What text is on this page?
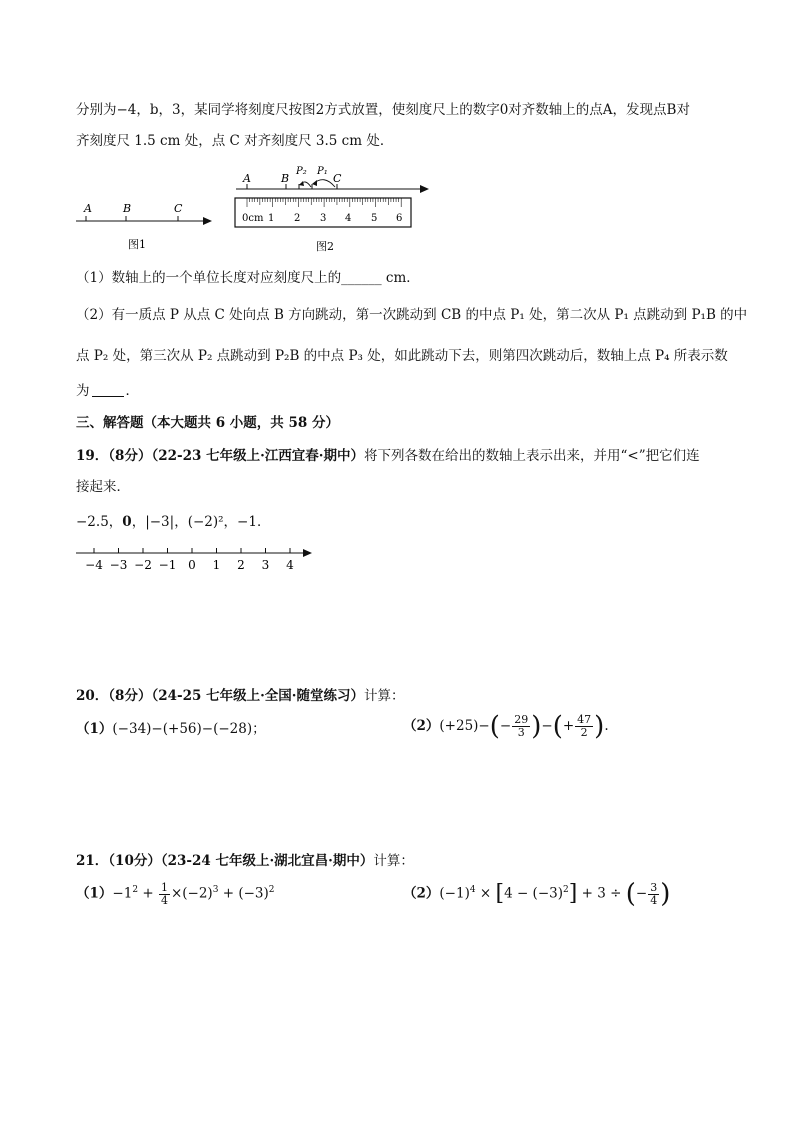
分别为−4，b，3，某同学将刻度尺按图2方式放置，使刻度尺上的数字0对齐数轴上的点A，发现点B对
齐刻度尺 1.5 cm 处，点 C 对齐刻度尺 3.5 cm 处．
A	B	C
图1
A	B
P₂ P₁
C
0cm 1 2 3 4 5 6
图2
（1）数轴上的一个单位长度对应刻度尺上的______ cm．
（2）有一质点 P 从点 C 处向点 B 方向跳动，第一次跳动到 CB 的中点 P₁ 处，第二次从 P₁ 点跳动到 P₁B 的中
点 P₂ 处，第三次从 P₂ 点跳动到 P₂B 的中点 P₃ 处，如此跳动下去，则第四次跳动后，数轴上点 P₄ 所表示数
为	．
三、解答题（本大题共 6 小题，共 58 分）
19．（8分）（22-23 七年级上·江西宜春·期中）将下列各数在给出的数轴上表示出来，并用“<”把它们连
接起来．
−2.5，0，|−3|，(−2)²，−1．
−4 −3 −2 −1 0 1 2 3 4
20．（8分）（24-25 七年级上·全国·随堂练习）计算：
（1）(−34)−(+56)−(−28)；	$(2)(+25)-(- \frac{29}{3}$ )−(+ $\frac{47}{2}$ ).
21．（10分）（23-24 七年级上·湖北宜昌·期中）计算：
$(1)-1^2 + \frac{1}{4} \times(-2)^3 + (-3)^2$	$(2)(-1)^4 \times [4 - (-3)^2] + 3$ ÷ (− $\frac{3}{4}$ )
